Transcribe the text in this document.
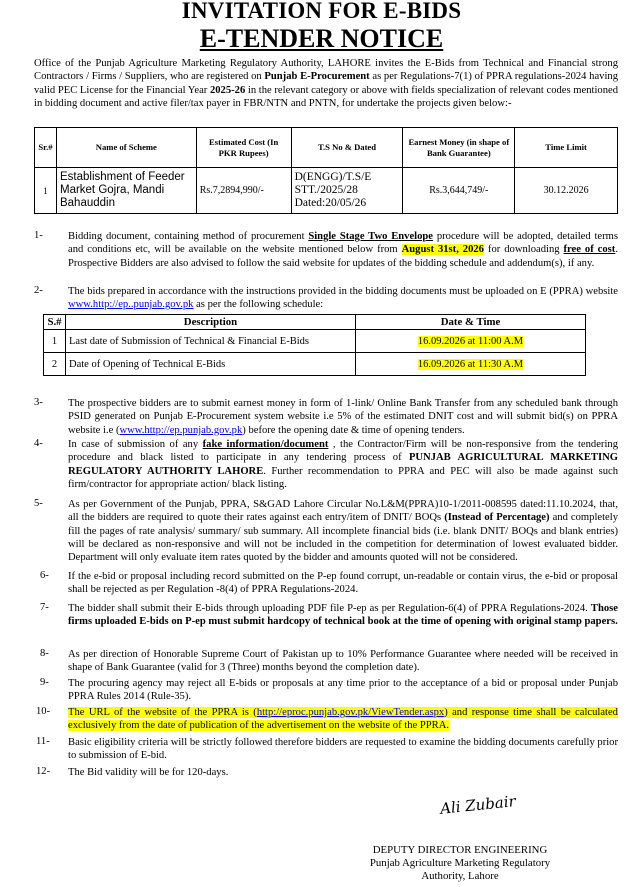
INVITATION FOR E-BIDS
E-TENDER NOTICE
Office of the Punjab Agriculture Marketing Regulatory Authority, LAHORE invites the E-Bids from Technical and Financial strong Contractors / Firms / Suppliers, who are registered on Punjab E-Procurement as per Regulations-7(1) of PPRA regulations-2024 having valid PEC License for the Financial Year 2025-26 in the relevant category or above with fields specialization of relevant codes mentioned in bidding document and active filer/tax payer in FBR/NTN and PNTN, for undertake the projects given below:-
Sr.#	Name of Scheme	Estimated Cost (In PKR Rupees)	T.S No & Dated	Earnest Money (in shape of Bank Guarantee)	Time Limit
1	Establishment of Feeder Market Gojra, Mandi Bahauddin	Rs.7,2894,990/-	D(ENGG)/T.S/E STT./2025/28 Dated:20/05/26	Rs.3,644,749/-	30.12.2026
1- Bidding document, containing method of procurement Single Stage Two Envelope procedure will be adopted, detailed terms and conditions etc, will be available on the website mentioned below from August 31st, 2026 for downloading free of cost. Prospective Bidders are also advised to follow the said website for updates of the bidding schedule and addendum(s), if any.
2- The bids prepared in accordance with the instructions provided in the bidding documents must be uploaded on E (PPRA) website www.http://ep..punjab.gov.pk as per the following schedule:
S.#	Description	Date & Time
1	Last date of Submission of Technical & Financial E-Bids	16.09.2026 at 11:00 A.M
2	Date of Opening of Technical E-Bids	16.09.2026 at 11:30 A.M
3- The prospective bidders are to submit earnest money in form of 1-link/ Online Bank Transfer from any scheduled bank through PSID generated on Punjab E-Procurement system website i.e 5% of the estimated DNIT cost and will submit bid(s) on PPRA website i.e (www.http://ep.punjab.gov.pk) before the opening date & time of opening tenders.
4- In case of submission of any fake information/document , the Contractor/Firm will be non-responsive from the tendering procedure and black listed to participate in any tendering process of PUNJAB AGRICULTURAL MARKETING REGULATORY AUTHORITY LAHORE. Further recommendation to PPRA and PEC will also be made against such firm/contractor for appropriate action/ black listing.
5- As per Government of the Punjab, PPRA, S&GAD Lahore Circular No.L&M(PPRA)10-1/2011-008595 dated:11.10.2024, that, all the bidders are required to quote their rates against each entry/item of DNIT/ BOQs (Instead of Percentage) and completely fill the pages of rate analysis/ summary/ sub summary. All incomplete financial bids (i.e. blank DNIT/ BOQs and blank entries) will be declared as non-responsive and will not be included in the competition for determination of lowest evaluated bidder. Department will only evaluate item rates quoted by the bidder and amounts quoted will not be considered.
6- If the e-bid or proposal including record submitted on the P-ep found corrupt, un-readable or contain virus, the e-bid or proposal shall be rejected as per Regulation -8(4) of PPRA Regulations-2024.
7- The bidder shall submit their E-bids through uploading PDF file P-ep as per Regulation-6(4) of PPRA Regulations-2024. Those firms uploaded E-bids on P-ep must submit hardcopy of technical book at the time of opening with original stamp papers.
8- As per direction of Honorable Supreme Court of Pakistan up to 10% Performance Guarantee where needed will be received in shape of Bank Guarantee (valid for 3 (Three) months beyond the completion date).
9- The procuring agency may reject all E-bids or proposals at any time prior to the acceptance of a bid or proposal under Punjab PPRA Rules 2014 (Rule-35).
10- The URL of the website of the PPRA is (http://eproc.punjab.gov.pk/ViewTender.aspx) and response time shall be calculated exclusively from the date of publication of the advertisement on the website of the PPRA.
11- Basic eligibility criteria will be strictly followed therefore bidders are requested to examine the bidding documents carefully prior to submission of E-bid.
12- The Bid validity will be for 120-days.
Ali Zubair
DEPUTY DIRECTOR ENGINEERING
Punjab Agriculture Marketing Regulatory
Authority, Lahore
